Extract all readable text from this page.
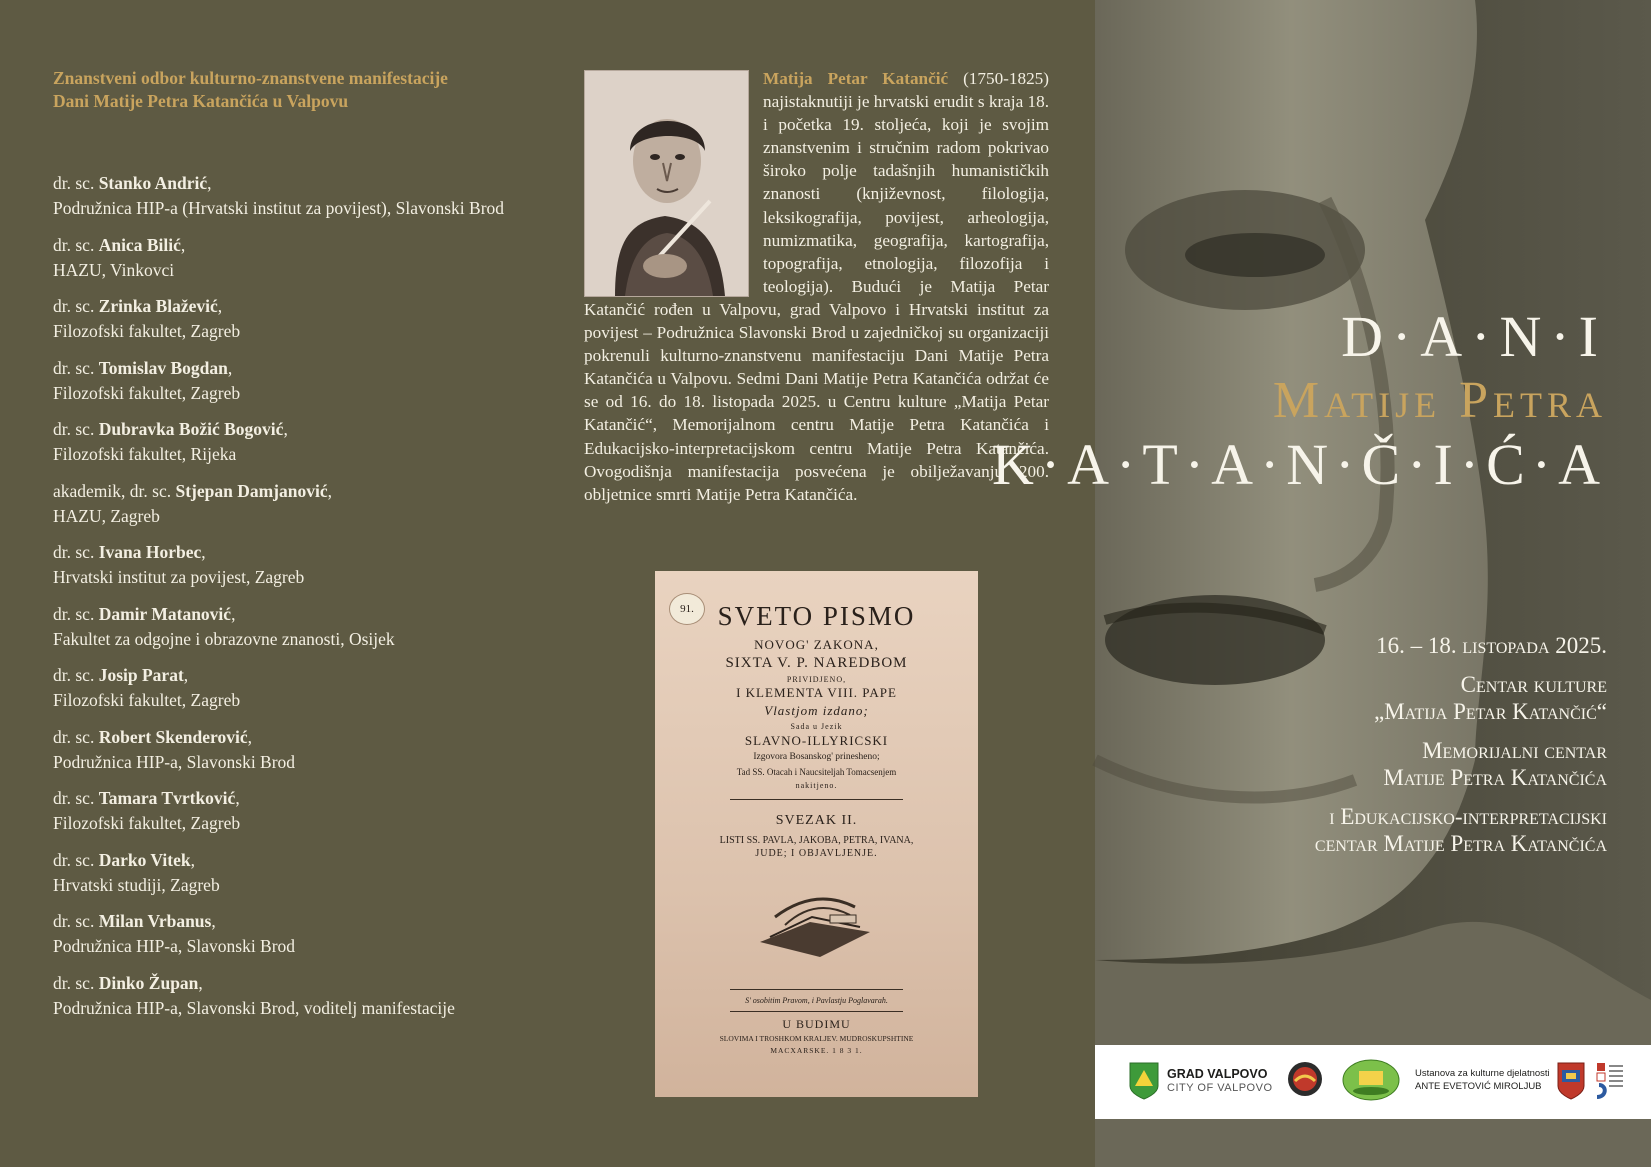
Znanstveni odbor kulturno-znanstvene manifestacije Dani Matije Petra Katančića u Valpovu
dr. sc. Stanko Andrić,
Podružnica HIP-a (Hrvatski institut za povijest), Slavonski Brod
dr. sc. Anica Bilić,
HAZU, Vinkovci
dr. sc. Zrinka Blažević,
Filozofski fakultet, Zagreb
dr. sc. Tomislav Bogdan,
Filozofski fakultet, Zagreb
dr. sc. Dubravka Božić Bogović,
Filozofski fakultet, Rijeka
akademik, dr. sc. Stjepan Damjanović,
HAZU, Zagreb
dr. sc. Ivana Horbec,
Hrvatski institut za povijest, Zagreb
dr. sc. Damir Matanović,
Fakultet za odgojne i obrazovne znanosti, Osijek
dr. sc. Josip Parat,
Filozofski fakultet, Zagreb
dr. sc. Robert Skenderović,
Podružnica HIP-a, Slavonski Brod
dr. sc. Tamara Tvrtković,
Filozofski fakultet, Zagreb
dr. sc. Darko Vitek,
Hrvatski studiji, Zagreb
dr. sc. Milan Vrbanus,
Podružnica HIP-a, Slavonski Brod
dr. sc. Dinko Župan,
Podružnica HIP-a, Slavonski Brod, voditelj manifestacije
Matija Petar Katančić (1750-1825) najistaknutiji je hrvatski erudit s kraja 18. i početka 19. stoljeća, koji je svojim znanstvenim i stručnim radom pokrivao široko polje tadašnjih humanističkih znanosti (književnost, filologija, leksikografija, povijest, arheologija, numizmatika, geografija, kartografija, topografija, etnologija, filozofija i teologija). Budući je Matija Petar Katančić rođen u Valpovu, grad Valpovo i Hrvatski institut za povijest – Podružnica Slavonski Brod u zajedničkoj su organizaciji pokrenuli kulturno-znanstvenu manifestaciju Dani Matije Petra Katančića u Valpovu. Sedmi Dani Matije Petra Katančića održat će se od 16. do 18. listopada 2025. u Centru kulture „Matija Petar Katančić“, Memorijalnom centru Matije Petra Katančića i Edukacijsko-interpretacijskom centru Matije Petra Katančića. Ovogodišnja manifestacija posvećena je obilježavanju 200. obljetnice smrti Matije Petra Katančića.
91. SVETO PISMO
NOVOG' ZAKONA,
SIXTA V. P. NAREDBOM
PRIVIDJENO,
I KLEMENTA VIII. PAPE
Vlastjom izdano;
Sada u Jezik
SLAVNO-ILLYRICSKI
Izgovora Bosanskog' prinesheno;
Tad SS. Otacah i Naucsiteljah Tomacsenjem
nakitjeno.
SVEZAK II.
LISTI SS. PAVLA, JAKOBA, PETRA, IVANA,
JUDE; I OBJAVLJENJE.
S' osobitim Pravom, i Pavlastju Poglavarah.
U BUDIMU
SLOVIMA I TROSHKOM KRALJEV. MUDROSKUPSHTINE
MACXARSKE. 1 8 3 1.
D·A·N·I
Matije Petra
K·A·T·A·N·Č·I·Ć·A
16. – 18. listopada 2025.
Centar kulture
„Matija Petar Katančić“
Memorijalni centar
Matije Petra Katančića
i Edukacijsko-interpretacijski
centar Matije Petra Katančića
GRAD VALPOVO
CITY OF VALPOVO
Ustanova za kulturne djelatnosti
ANTE EVETOVIĆ MIROLJUB
